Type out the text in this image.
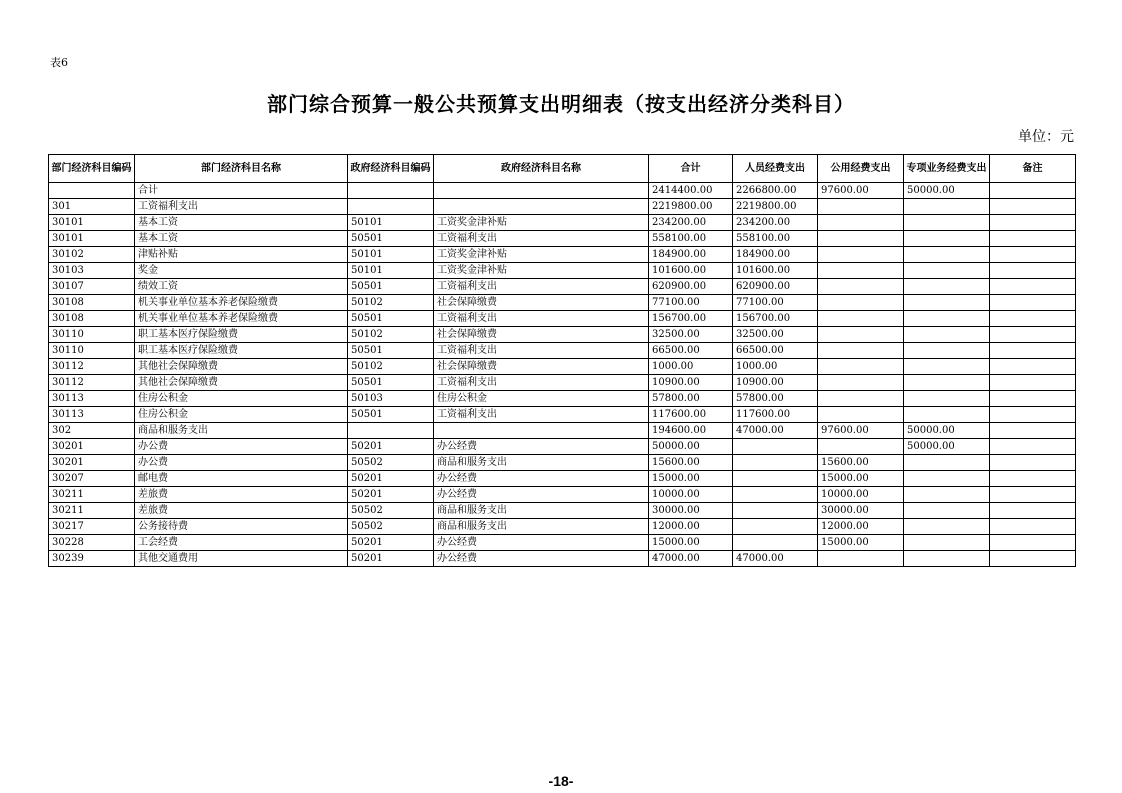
表6
部门综合预算一般公共预算支出明细表（按支出经济分类科目）
单位：元
部门经济科目编码	部门经济科目名称	政府经济科目编码	政府经济科目名称	合计	人员经费支出	公用经费支出	专项业务经费支出	备注
	合计			2414400.00	2266800.00	97600.00	50000.00	
301	工资福利支出			2219800.00	2219800.00			
30101	基本工资	50101	工资奖金津补贴	234200.00	234200.00			
30101	基本工资	50501	工资福利支出	558100.00	558100.00			
30102	津贴补贴	50101	工资奖金津补贴	184900.00	184900.00			
30103	奖金	50101	工资奖金津补贴	101600.00	101600.00			
30107	绩效工资	50501	工资福利支出	620900.00	620900.00			
30108	机关事业单位基本养老保险缴费	50102	社会保障缴费	77100.00	77100.00			
30108	机关事业单位基本养老保险缴费	50501	工资福利支出	156700.00	156700.00			
30110	职工基本医疗保险缴费	50102	社会保障缴费	32500.00	32500.00			
30110	职工基本医疗保险缴费	50501	工资福利支出	66500.00	66500.00			
30112	其他社会保障缴费	50102	社会保障缴费	1000.00	1000.00			
30112	其他社会保障缴费	50501	工资福利支出	10900.00	10900.00			
30113	住房公积金	50103	住房公积金	57800.00	57800.00			
30113	住房公积金	50501	工资福利支出	117600.00	117600.00			
302	商品和服务支出			194600.00	47000.00	97600.00	50000.00	
30201	办公费	50201	办公经费	50000.00			50000.00	
30201	办公费	50502	商品和服务支出	15600.00		15600.00		
30207	邮电费	50201	办公经费	15000.00		15000.00		
30211	差旅费	50201	办公经费	10000.00		10000.00		
30211	差旅费	50502	商品和服务支出	30000.00		30000.00		
30217	公务接待费	50502	商品和服务支出	12000.00		12000.00		
30228	工会经费	50201	办公经费	15000.00		15000.00		
30239	其他交通费用	50201	办公经费	47000.00	47000.00			
-18-
